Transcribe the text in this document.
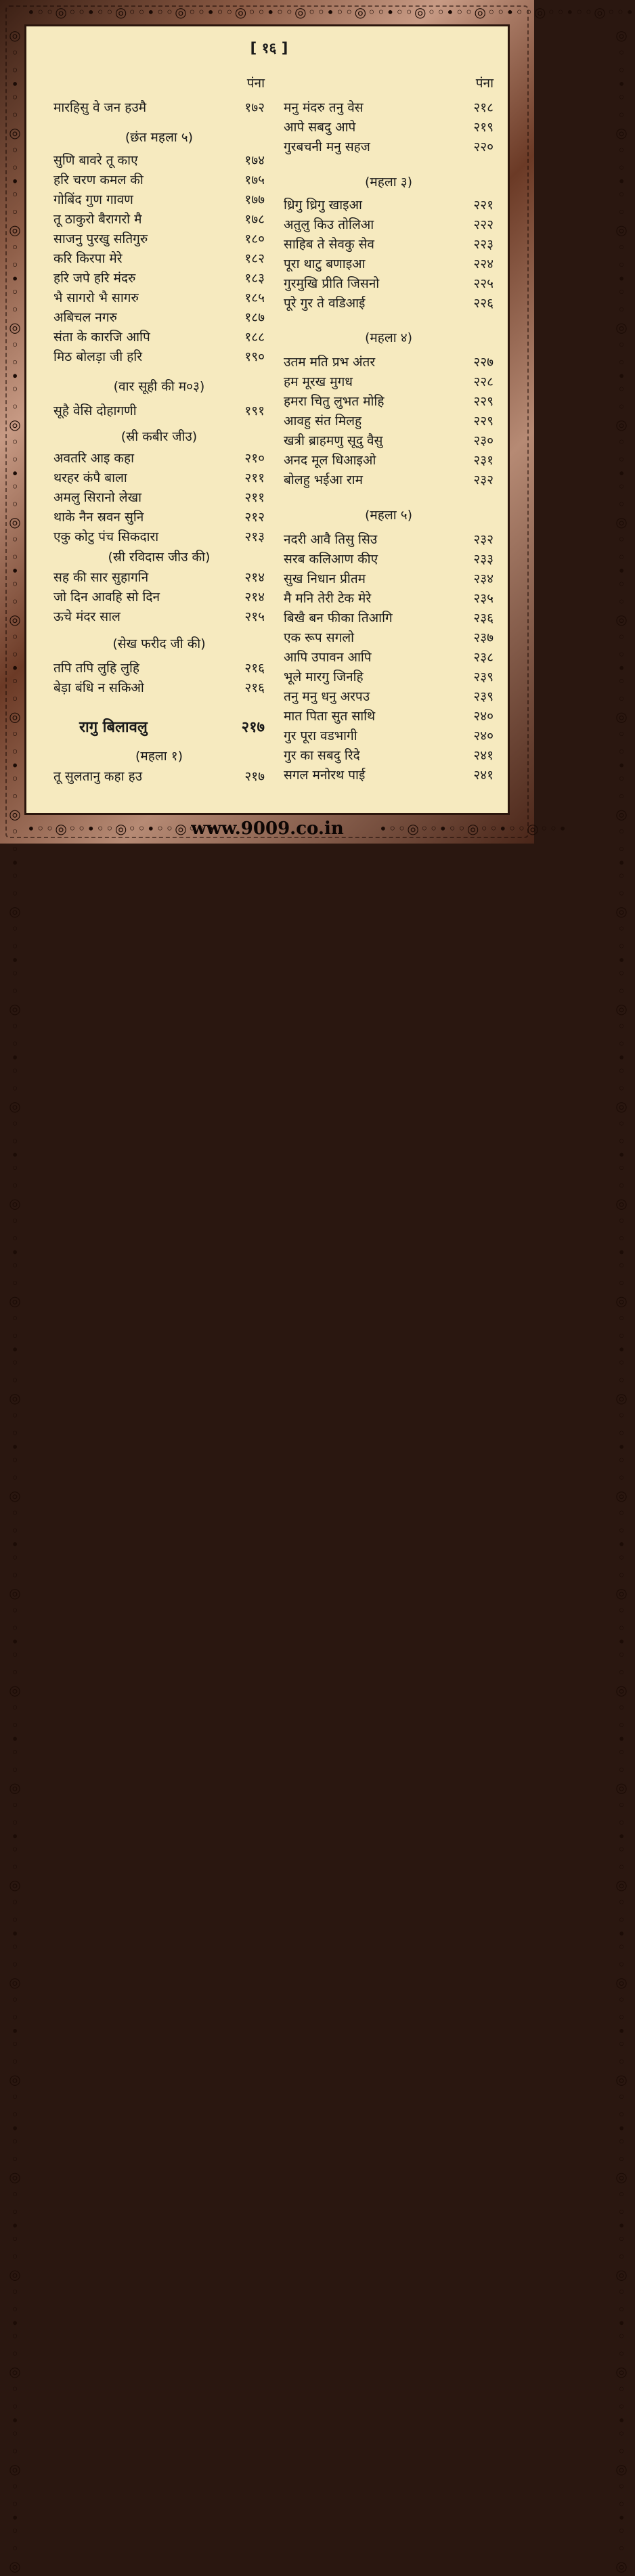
•◦◦◎◦◦•◦◦◎◦◦•◦◦◎◦◦•◦◦◎◦◦•◦◦◎◦◦•◦◦◎◦◦•◦◦◎◦◦•◦◦◎◦◦•◦◦◎◦◦•◦◦◎◦◦•
◎◦◦•◦◦◎◦◦•◦◦◎◦◦•◦◦◎◦◦•◦◦◎◦◦•◦◦◎◦◦•◦◦◎◦◦•◦◦◎◦◦•◦◦◎◦◦•◦◦◎◦◦•◦◦◎◦◦•◦◦◎◦◦•◦◦◎◦◦•◦◦◎◦◦•◦◦◎◦◦•◦◦◎◦◦•◦◦◎◦◦•◦◦◎◦◦•◦◦◎◦◦•◦◦◎◦◦•◦◦◎◦◦•◦◦◎◦◦•◦◦◎◦◦•◦◦◎◦◦•◦◦◎◦◦•◦◦◎◦◦•◦◦◎	◎◦◦•◦◦◎◦◦•◦◦◎◦◦•◦◦◎◦◦•◦◦◎◦◦•◦◦◎◦◦•◦◦◎◦◦•◦◦◎◦◦•◦◦◎◦◦•◦◦◎◦◦•◦◦◎◦◦•◦◦◎◦◦•◦◦◎◦◦•◦◦◎◦◦•◦◦◎◦◦•◦◦◎◦◦•◦◦◎◦◦•◦◦◎◦◦•◦◦◎◦◦•◦◦◎◦◦•◦◦◎◦◦•◦◦◎◦◦•◦◦◎◦◦•◦◦◎◦◦•◦◦◎◦◦•◦◦◎◦◦•◦◦◎
•◦◦◎◦◦•◦◦◎◦◦•◦◦◎◦◦•	•◦◦◎◦◦•◦◦◎◦◦•◦◦◎◦◦•
www.9009.co.in
[ १६ ]
पंना
मारहिसु वे जन हउमै	१७२
(छंत महला ५)
सुणि बावरे तू काए	१७४
हरि चरण कमल की	१७५
गोबिंद गुण गावण	१७७
तू ठाकुरो बैरागरो मै	१७८
साजनु पुरखु सतिगुरु	१८०
करि किरपा मेरे	१८२
हरि जपे हरि मंदरु	१८३
भै सागरो भै सागरु	१८५
अबिचल नगरु	१८७
संता के कारजि आपि	१८८
मिठ बोलड़ा जी हरि	१९०
(वार सूही की म०३)
सूहै वेसि दोहागणी	१९१
(स्री कबीर जीउ)
अवतरि आइ कहा	२१०
थरहर कंपै बाला	२११
अमलु सिरानो लेखा	२११
थाके नैन स्रवन सुनि	२१२
एकु कोटु पंच सिकदारा	२१३
(स्री रविदास जीउ की)
सह की सार सुहागनि	२१४
जो दिन आवहि सो दिन	२१४
ऊचे मंदर साल	२१५
(सेख फरीद जी की)
तपि तपि लुहि लुहि	२१६
बेड़ा बंधि न सकिओ	२१६
रागु बिलावलु	२१७
(महला १)
तू सुलतानु कहा हउ	२१७
पंना
मनु मंदरु तनु वेस	२१८
आपे सबदु आपे	२१९
गुरबचनी मनु सहज	२२०
(महला ३)
ध्रिगु ध्रिगु खाइआ	२२१
अतुलु किउ तोलिआ	२२२
साहिब ते सेवकु सेव	२२३
पूरा थाटु बणाइआ	२२४
गुरमुखि प्रीति जिसनो	२२५
पूरे गुर ते वडिआई	२२६
(महला ४)
उतम मति प्रभ अंतर	२२७
हम मूरख मुगध	२२८
हमरा चितु लुभत मोहि	२२९
आवहु संत मिलहु	२२९
खत्री ब्राहमणु सूदु वैसु	२३०
अनद मूल धिआइओ	२३१
बोलहु भईआ राम	२३२
(महला ५)
नदरी आवै तिसु सिउ	२३२
सरब कलिआण कीए	२३३
सुख निधान प्रीतम	२३४
मै मनि तेरी टेक मेरे	२३५
बिखै बन फीका तिआगि	२३६
एक रूप सगलो	२३७
आपि उपावन आपि	२३८
भूले मारगु जिनहि	२३९
तनु मनु धनु अरपउ	२३९
मात पिता सुत साथि	२४०
गुर पूरा वडभागी	२४०
गुर का सबदु रिदे	२४१
सगल मनोरथ पाई	२४१
